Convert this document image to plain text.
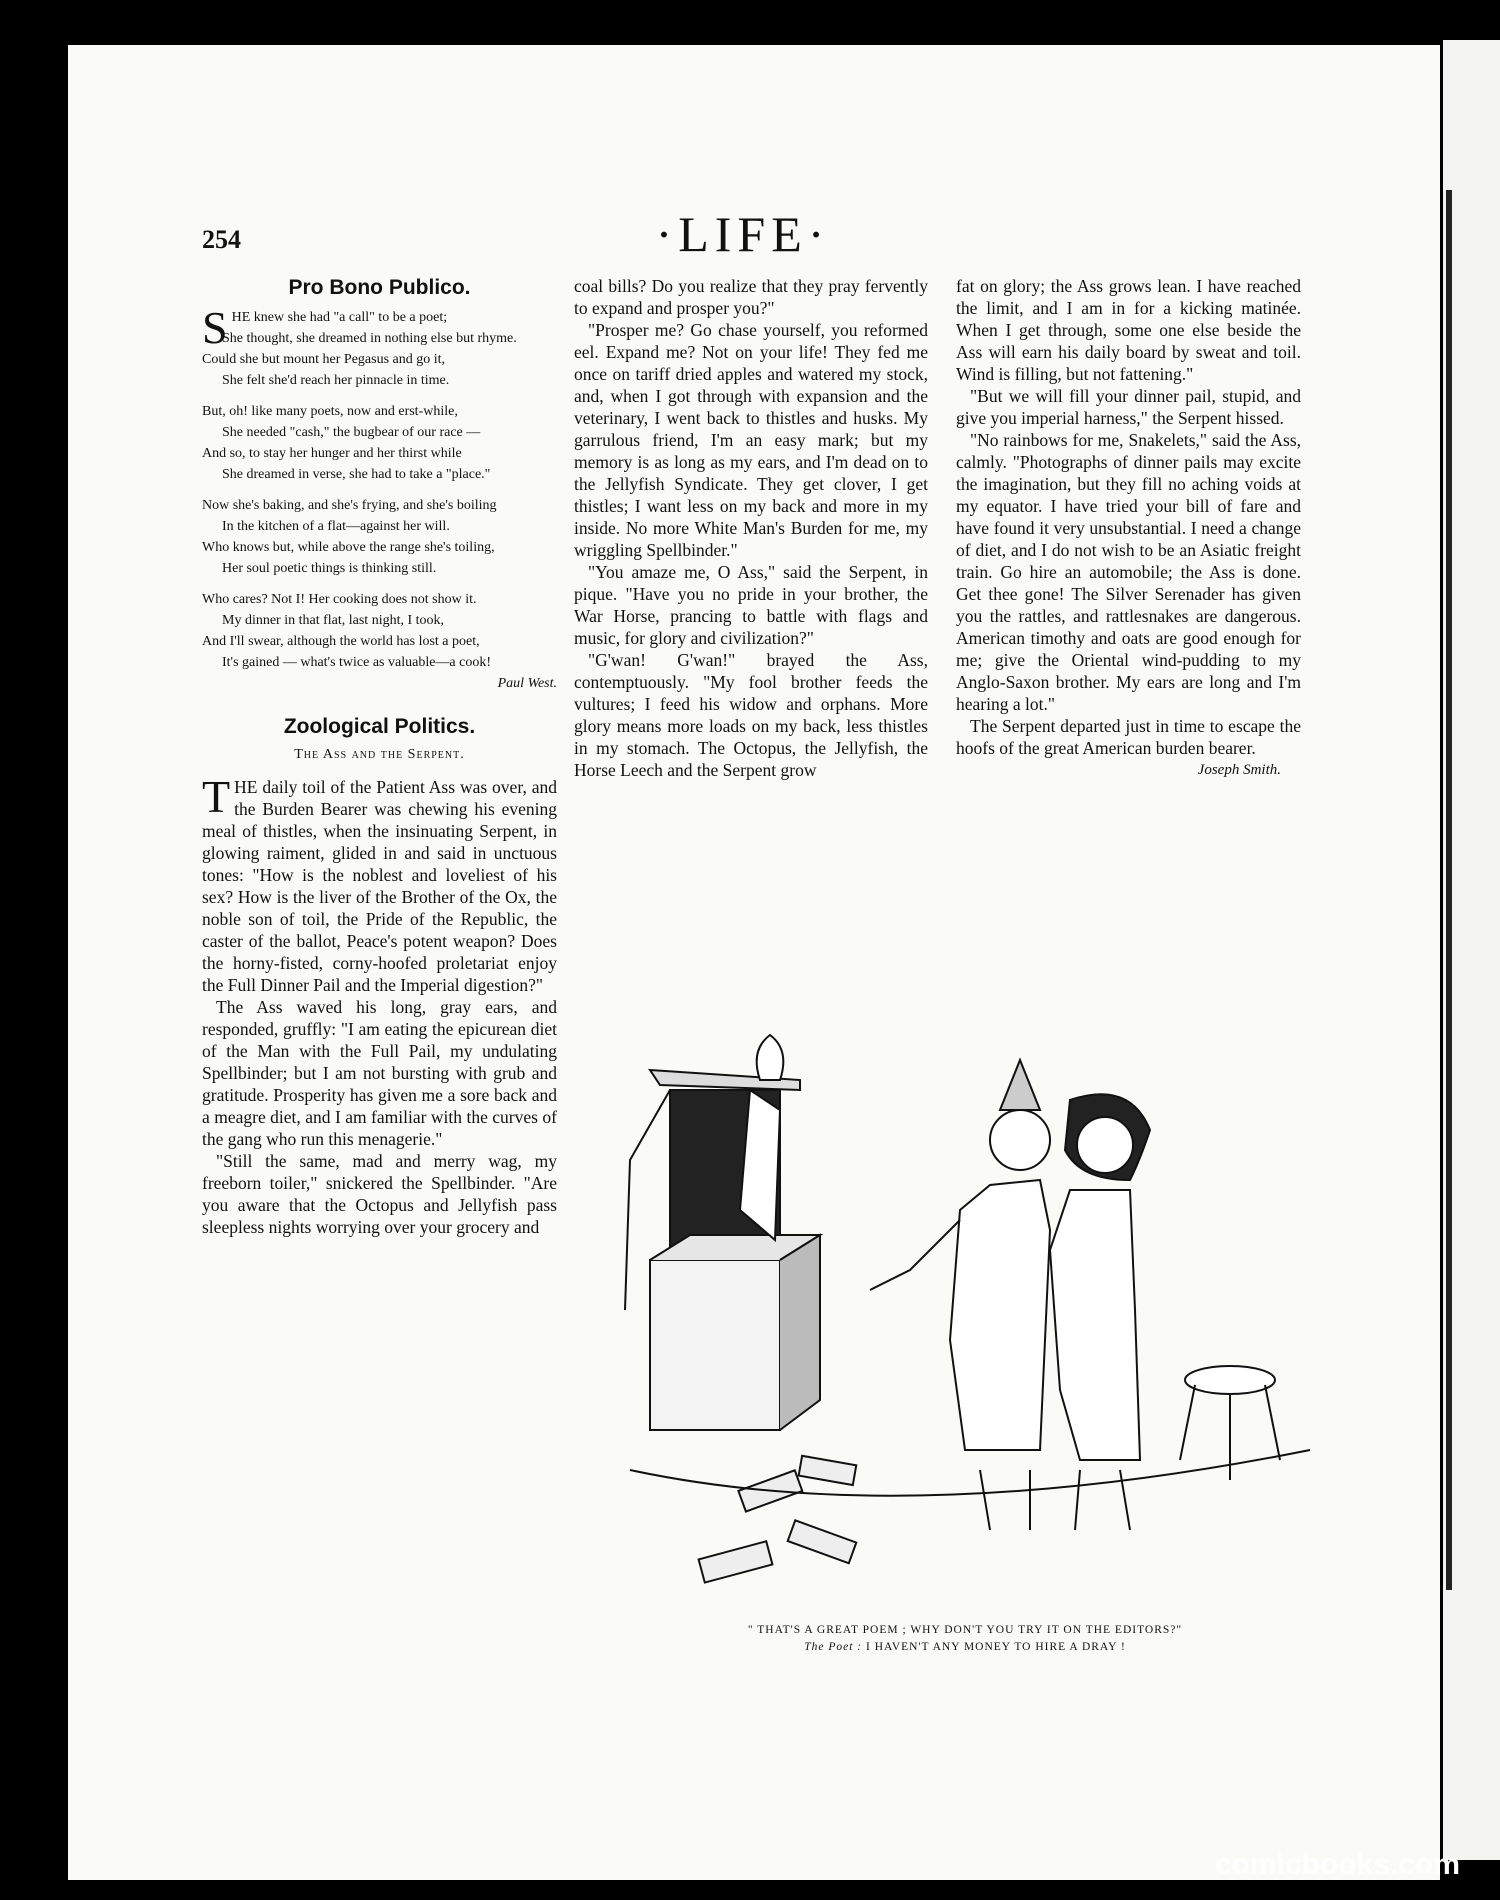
254	·LIFE·
Pro Bono Publico.
S HE knew she had "a call" to be a poet;
She thought, she dreamed in nothing else but rhyme.
Could she but mount her Pegasus and go it,
She felt she'd reach her pinnacle in time.
But, oh! like many poets, now and erst-while,
She needed "cash," the bugbear of our race —
And so, to stay her hunger and her thirst while
She dreamed in verse, she had to take a "place."
Now she's baking, and she's frying, and she's boiling
In the kitchen of a flat—against her will.
Who knows but, while above the range she's toiling,
Her soul poetic things is thinking still.
Who cares? Not I! Her cooking does not show it.
My dinner in that flat, last night, I took,
And I'll swear, although the world has lost a poet,
It's gained — what's twice as valuable—a cook!
Paul West.
Zoological Politics.
The Ass and the Serpent.

THE daily toil of the Patient Ass was over, and the Burden Bearer was chewing his evening meal of thistles, when the insinuating Serpent, in glowing raiment, glided in and said in unctuous tones: "How is the noblest and loveliest of his sex? How is the liver of the Brother of the Ox, the noble son of toil, the Pride of the Republic, the caster of the ballot, Peace's potent weapon? Does the horny-fisted, corny-hoofed proletariat enjoy the Full Dinner Pail and the Imperial digestion?"

The Ass waved his long, gray ears, and responded, gruffly: "I am eating the epicurean diet of the Man with the Full Pail, my undulating Spellbinder; but I am not bursting with grub and gratitude. Prosperity has given me a sore back and a meagre diet, and I am familiar with the curves of the gang who run this menagerie."

"Still the same, mad and merry wag, my freeborn toiler," snickered the Spellbinder. "Are you aware that the Octopus and Jellyfish pass sleepless nights worrying over your grocery and

coal bills? Do you realize that they pray fervently to expand and prosper you?"

"Prosper me? Go chase yourself, you reformed eel. Expand me? Not on your life! They fed me once on tariff dried apples and watered my stock, and, when I got through with expansion and the veterinary, I went back to thistles and husks. My garrulous friend, I'm an easy mark; but my memory is as long as my ears, and I'm dead on to the Jellyfish Syndicate. They get clover, I get thistles; I want less on my back and more in my inside. No more White Man's Burden for me, my wriggling Spellbinder."

"You amaze me, O Ass," said the Serpent, in pique. "Have you no pride in your brother, the War Horse, prancing to battle with flags and music, for glory and civilization?"

"G'wan! G'wan!" brayed the Ass, contemptuously. "My fool brother feeds the vultures; I feed his widow and orphans. More glory means more loads on my back, less thistles in my stomach. The Octopus, the Jellyfish, the Horse Leech and the Serpent grow

fat on glory; the Ass grows lean. I have reached the limit, and I am in for a kicking matinée. When I get through, some one else beside the Ass will earn his daily board by sweat and toil. Wind is filling, but not fattening."

"But we will fill your dinner pail, stupid, and give you imperial harness," the Serpent hissed.

"No rainbows for me, Snakelets," said the Ass, calmly. "Photographs of dinner pails may excite the imagination, but they fill no aching voids at my equator. I have tried your bill of fare and have found it very unsubstantial. I need a change of diet, and I do not wish to be an Asiatic freight train. Go hire an automobile; the Ass is done. Get thee gone! The Silver Serenader has given you the rattles, and rattlesnakes are dangerous. American timothy and oats are good enough for me; give the Oriental wind-pudding to my Anglo-Saxon brother. My ears are long and I'm hearing a lot."

The Serpent departed just in time to escape the hoofs of the great American burden bearer.

Joseph Smith.
" THAT'S A GREAT POEM ; WHY DON'T YOU TRY IT ON THE EDITORS?"
The Poet : I HAVEN'T ANY MONEY TO HIRE A DRAY !
comicbooks.com
